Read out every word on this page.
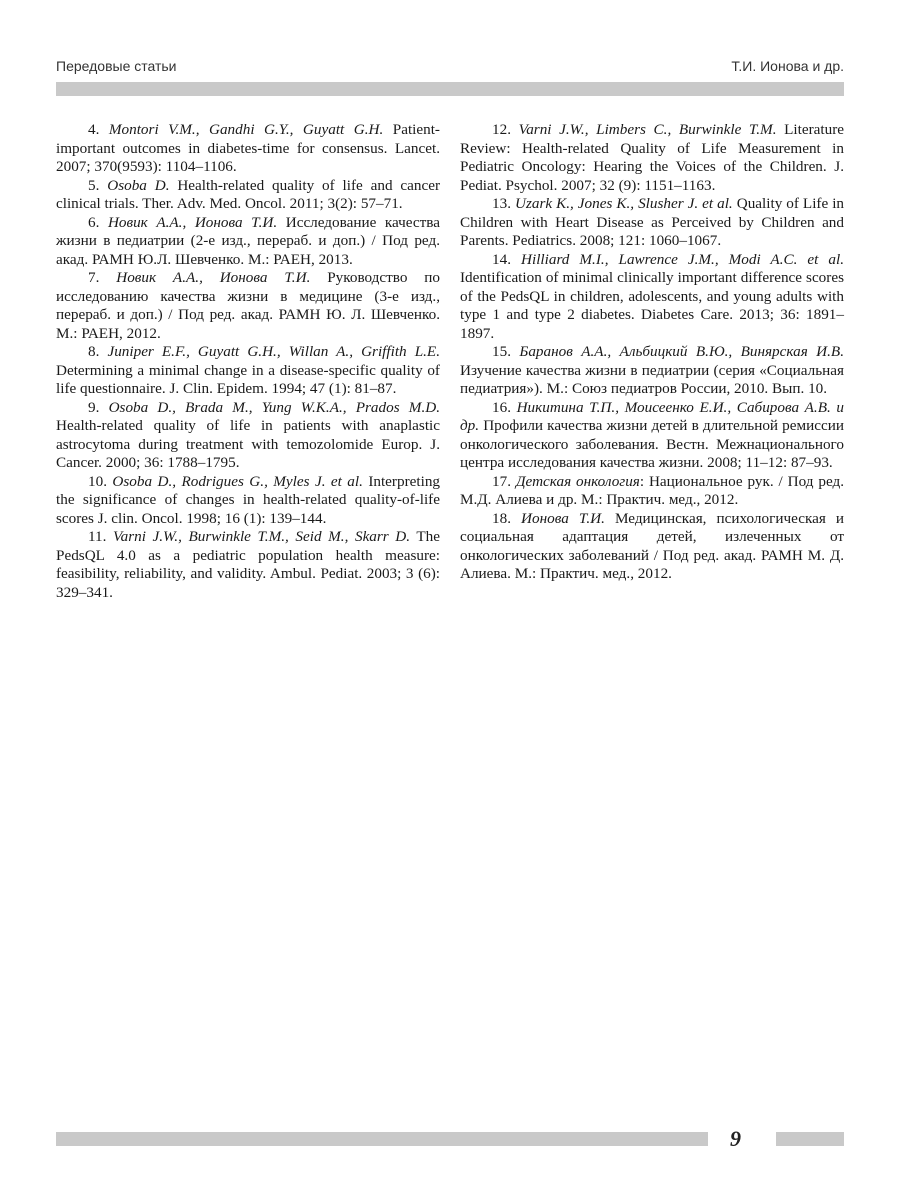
Передовые статьи	Т.И. Ионова и др.

4. Montori V.M., Gandhi G.Y., Guyatt G.H. Patient-important outcomes in diabetes-time for consensus. Lancet. 2007; 370(9593): 1104–1106.

5. Osoba D. Health-related quality of life and cancer clinical trials. Ther. Adv. Med. Oncol. 2011; 3(2): 57–71.

6. Новик А.А., Ионова Т.И. Исследование качества жизни в педиатрии (2-е изд., перераб. и доп.) / Под ред. акад. РАМН Ю.Л. Шевченко. М.: РАЕН, 2013.

7. Новик А.А., Ионова Т.И. Руководство по исследованию качества жизни в медицине (3-е изд., перераб. и доп.) / Под ред. акад. РАМН Ю. Л. Шевченко. М.: РАЕН, 2012.

8. Juniper E.F., Guyatt G.H., Willan A., Griffith L.E. Determining a minimal change in a disease-specific quality of life questionnaire. J. Clin. Epidem. 1994; 47 (1): 81–87.

9. Osoba D., Brada M., Yung W.K.A., Prados M.D. Health-related quality of life in patients with anaplastic astrocytoma during treatment with temozolomide Europ. J. Cancer. 2000; 36: 1788–1795.

10. Osoba D., Rodrigues G., Myles J. et al. Interpreting the significance of changes in health-related quality-of-life scores J. clin. Oncol. 1998; 16 (1): 139–144.

11. Varni J.W., Burwinkle T.M., Seid M., Skarr D. The PedsQL 4.0 as a pediatric population health measure: feasibility, reliability, and validity. Ambul. Pediat. 2003; 3 (6): 329–341.

12. Varni J.W., Limbers C., Burwinkle T.M. Literature Review: Health-related Quality of Life Measurement in Pediatric Oncology: Hearing the Voices of the Children. J. Pediat. Psychol. 2007; 32 (9): 1151–1163.

13. Uzark K., Jones K., Slusher J. et al. Quality of Life in Children with Heart Disease as Perceived by Children and Parents. Pediatrics. 2008; 121: 1060–1067.

14. Hilliard M.I., Lawrence J.M., Modi A.C. et al. Identification of minimal clinically important difference scores of the PedsQL in children, adolescents, and young adults with type 1 and type 2 diabetes. Diabetes Care. 2013; 36: 1891–1897.

15. Баранов А.А., Альбицкий В.Ю., Винярская И.В. Изучение качества жизни в педиатрии (серия «Социальная педиатрия»). М.: Союз педиатров России, 2010. Вып. 10.

16. Никитина Т.П., Моисеенко Е.И., Сабирова А.В. и др. Профили качества жизни детей в длительной ремиссии онкологического заболевания. Вестн. Межнационального центра исследования качества жизни. 2008; 11–12: 87–93.

17. Детская онкология: Национальное рук. / Под ред. М.Д. Алиева и др. М.: Практич. мед., 2012.

18. Ионова Т.И. Медицинская, психологическая и социальная адаптация детей, излеченных от онкологических заболеваний / Под ред. акад. РАМН М. Д. Алиева. М.: Практич. мед., 2012.

9
